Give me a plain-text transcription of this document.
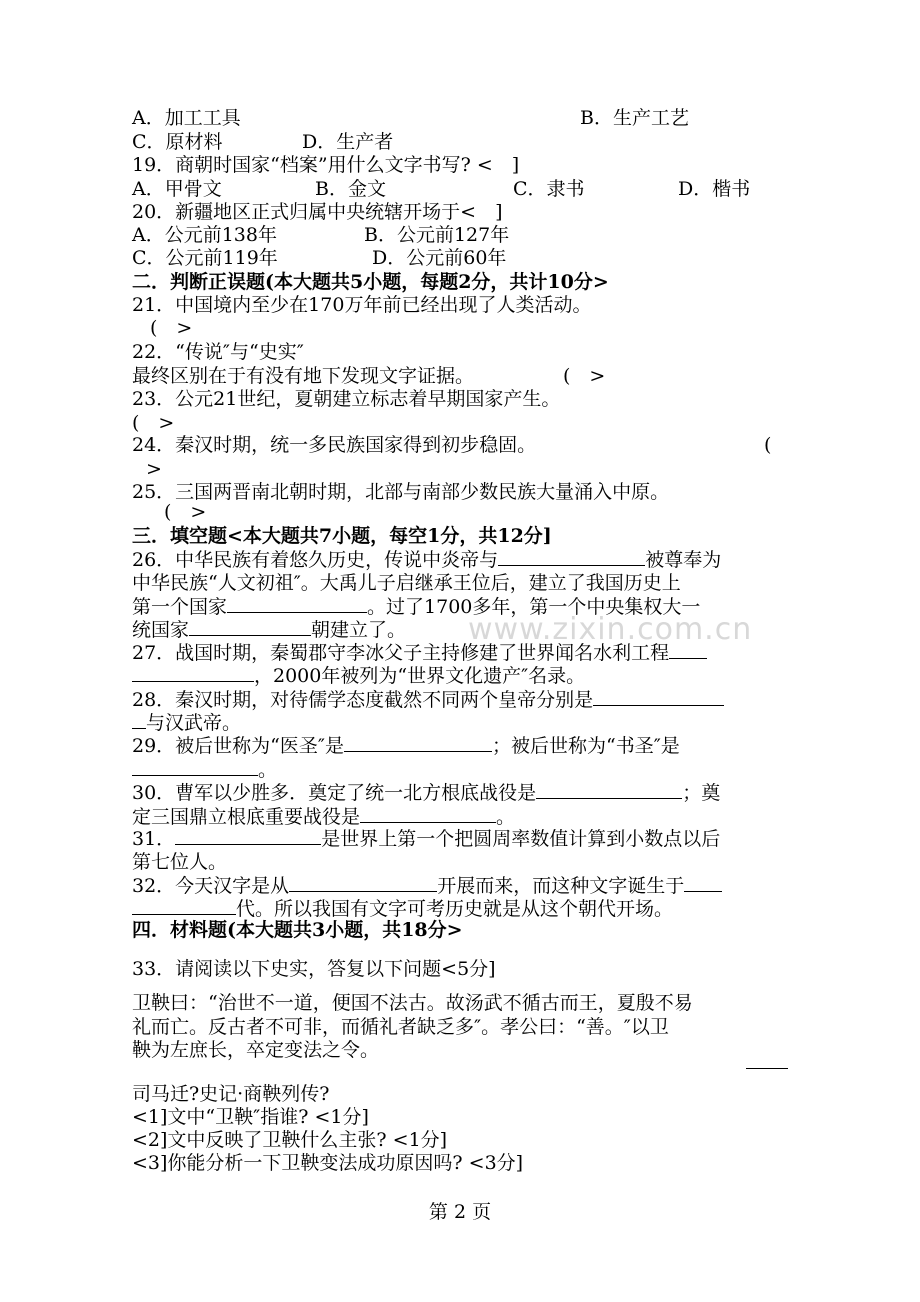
A．加工工具	B．生产工艺
C．原材料	D．生产者
19．商朝时国家“档案”用什么文字书写? <　]
A．甲骨文	B．金文	C．隶书	D．楷书
20．新疆地区正式归属中央统辖开场于<　]
A．公元前138年	B．公元前127年
C．公元前119年	D．公元前60年
二．判断正误题(本大题共5小题，每题2分，共计10分>
21．中国境内至少在170万年前已经出现了人类活动。
(　>
22．“传说″与“史实″
最终区别在于有没有地下发现文字证据。	(　>
23．公元21世纪，夏朝建立标志着早期国家产生。
(　>
24．秦汉时期，统一多民族国家得到初步稳固。	(
>
25．三国两晋南北朝时期，北部与南部少数民族大量涌入中原。
(　>
三．填空题<本大题共7小题，每空1分，共12分]
26．中华民族有着悠久历史，传说中炎帝与	被尊奉为
中华民族“人文初祖″。大禹儿子启继承王位后，建立了我国历史上
第一个国家	。过了1700多年，第一个中央集权大一
统国家	朝建立了。
27．战国时期，秦蜀郡守李冰父子主持修建了世界闻名水利工程
，2000年被列为“世界文化遗产″名录。
28．秦汉时期，对待儒学态度截然不同两个皇帝分别是
与汉武帝。
29．被后世称为“医圣″是	；被后世称为“书圣″是
。
30．曹军以少胜多．奠定了统一北方根底战役是	；奠
定三国鼎立根底重要战役是	。
31．	是世界上第一个把圆周率数值计算到小数点以后
第七位人。
32．今天汉字是从	开展而来，而这种文字诞生于
代。所以我国有文字可考历史就是从这个朝代开场。
四．材料题(本大题共3小题，共18分>
33．请阅读以下史实，答复以下问题<5分]
卫鞅曰：“治世不一道，便国不法古。故汤武不循古而王，夏殷不易
礼而亡。反古者不可非，而循礼者缺乏多″。孝公曰：“善。″以卫
鞅为左庶长，卒定变法之令。
司马迁?史记·商鞅列传?
<1]文中“卫鞅″指谁? <1分]
<2]文中反映了卫鞅什么主张? <1分]
<3]你能分析一下卫鞅变法成功原因吗? <3分]
www.zixin.com.cn
第 2 页
